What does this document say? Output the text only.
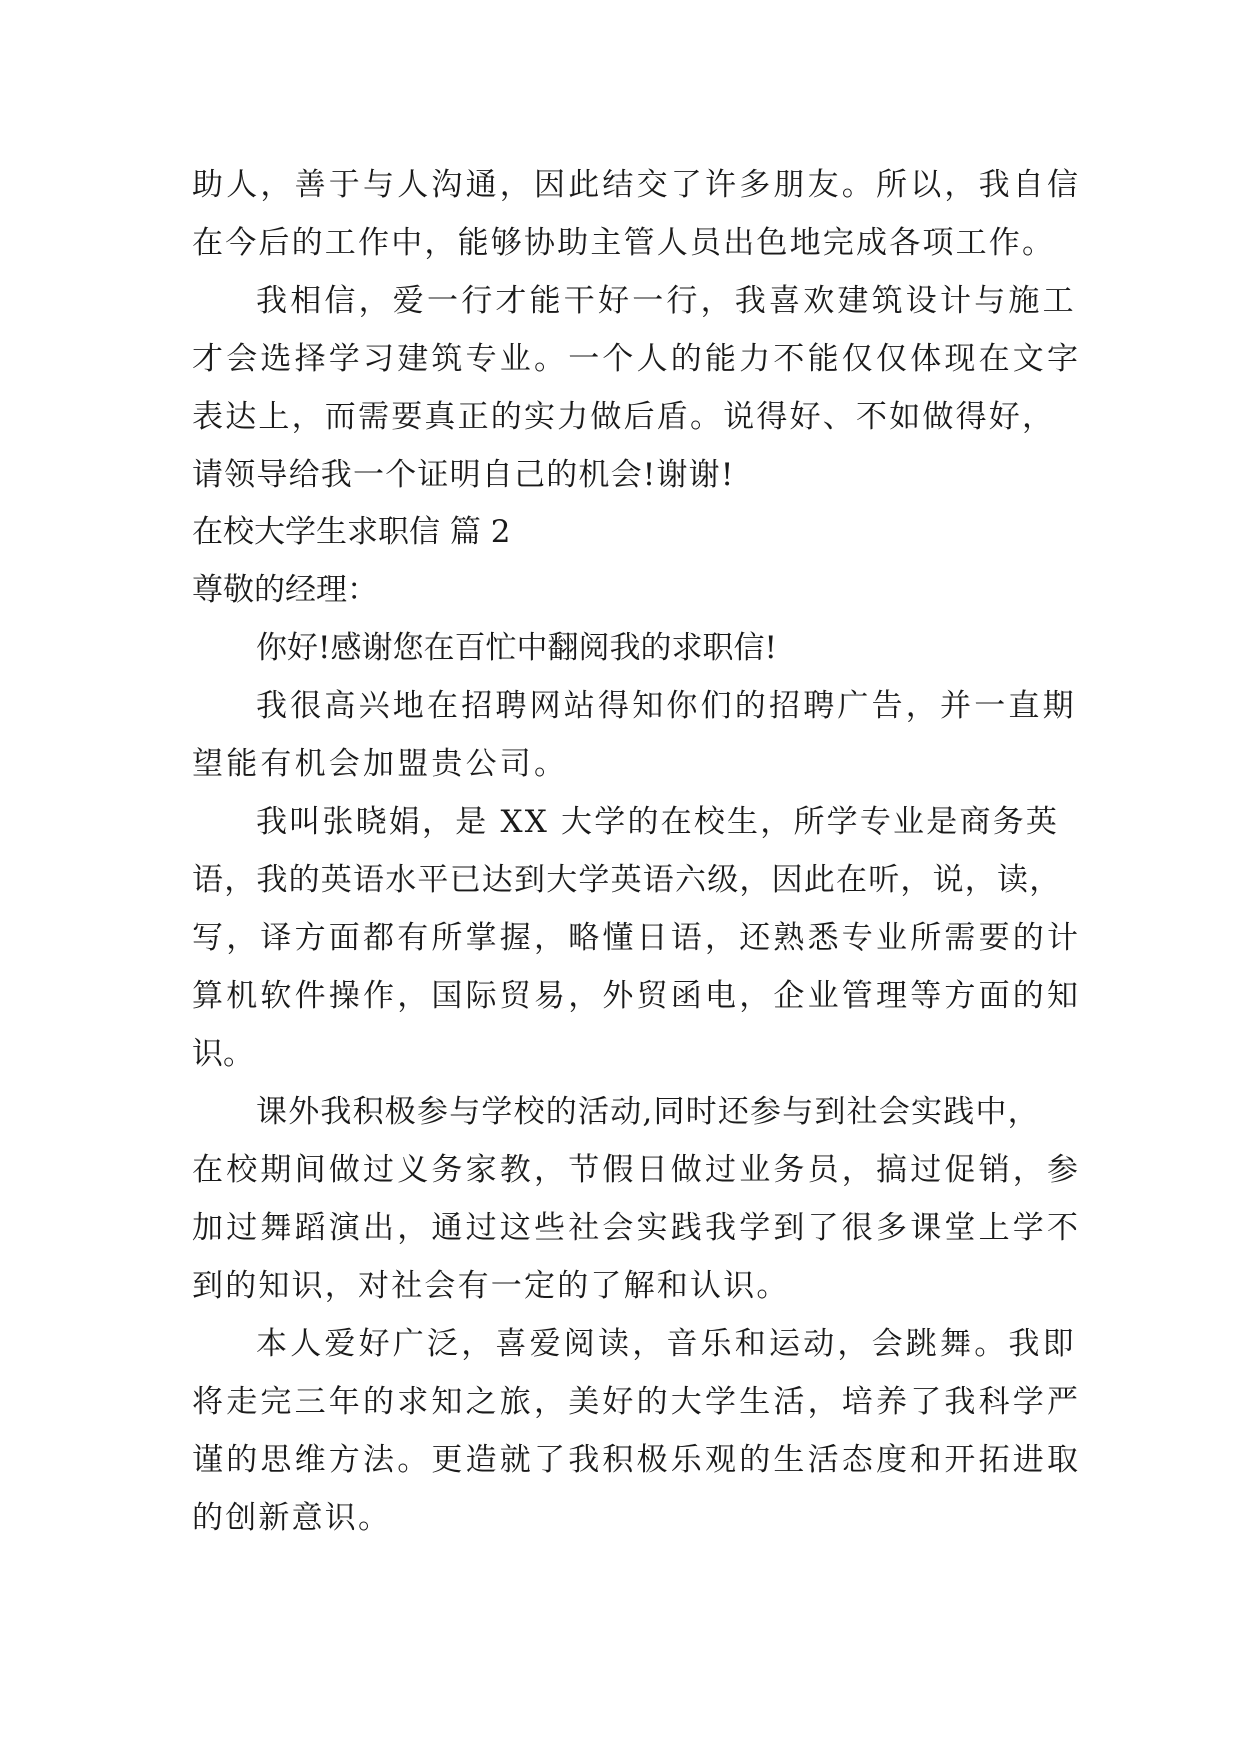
助人，善于与人沟通，因此结交了许多朋友。所以，我自信
在今后的工作中，能够协助主管人员出色地完成各项工作。
我相信，爱一行才能干好一行，我喜欢建筑设计与施工
才会选择学习建筑专业。一个人的能力不能仅仅体现在文字
表达上，而需要真正的实力做后盾。说得好、不如做得好，
请领导给我一个证明自己的机会!谢谢!
在校大学生求职信 篇 2
尊敬的经理：
你好!感谢您在百忙中翻阅我的求职信!
我很高兴地在招聘网站得知你们的招聘广告，并一直期
望能有机会加盟贵公司。
我叫张晓娟，是 XX 大学的在校生，所学专业是商务英
语，我的英语水平已达到大学英语六级，因此在听，说，读，
写，译方面都有所掌握，略懂日语，还熟悉专业所需要的计
算机软件操作，国际贸易，外贸函电，企业管理等方面的知
识。
课外我积极参与学校的活动,同时还参与到社会实践中，
在校期间做过义务家教，节假日做过业务员，搞过促销，参
加过舞蹈演出，通过这些社会实践我学到了很多课堂上学不
到的知识，对社会有一定的了解和认识。
本人爱好广泛，喜爱阅读，音乐和运动，会跳舞。我即
将走完三年的求知之旅，美好的大学生活，培养了我科学严
谨的思维方法。更造就了我积极乐观的生活态度和开拓进取
的创新意识。
